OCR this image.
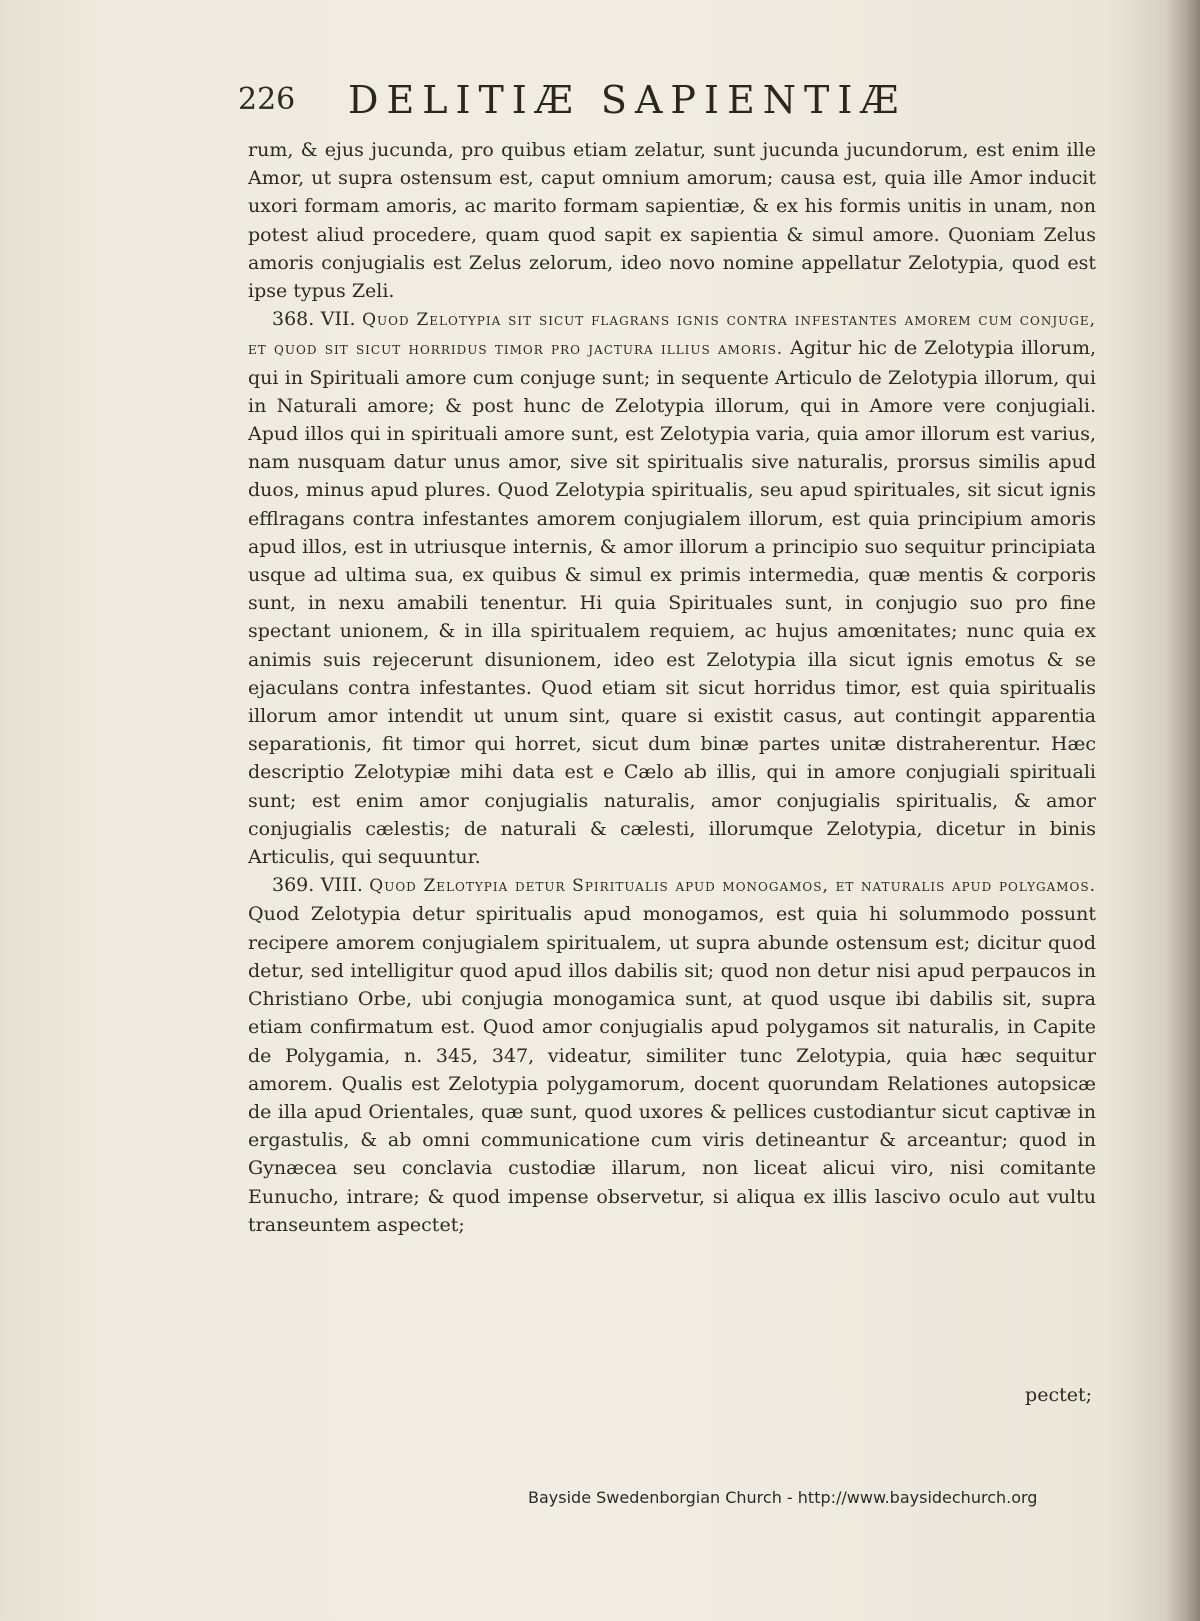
226 DELITIÆ SAPIENTIÆ

rum, & ejus jucunda, pro quibus etiam zelatur, sunt jucunda jucundorum, est enim ille Amor, ut supra ostensum est, caput omnium amorum; causa est, quia ille Amor inducit uxori formam amoris, ac marito formam sapientiæ, & ex his formis unitis in unam, non potest aliud procedere, quam quod sapit ex sapientia & simul amore. Quoniam Zelus amoris conjugialis est Zelus zelorum, ideo novo nomine appellatur Zelotypia, quod est ipse typus Zeli.

368. VII. Quod Zelotypia sit sicut flagrans ignis contra infestantes amorem cum conjuge, et quod sit sicut horridus timor pro jactura illius amoris. Agitur hic de Zelotypia illorum, qui in Spirituali amore cum conjuge sunt; in sequente Articulo de Zelotypia illorum, qui in Naturali amore; & post hunc de Zelotypia illorum, qui in Amore vere conjugiali. Apud illos qui in spirituali amore sunt, est Zelotypia varia, quia amor illorum est varius, nam nusquam datur unus amor, sive sit spiritualis sive naturalis, prorsus similis apud duos, minus apud plures. Quod Zelotypia spiritualis, seu apud spirituales, sit sicut ignis efflragans contra infestantes amorem conjugialem illorum, est quia principium amoris apud illos, est in utriusque internis, & amor illorum a principio suo sequitur principiata usque ad ultima sua, ex quibus & simul ex primis intermedia, quæ mentis & corporis sunt, in nexu amabili tenentur. Hi quia Spirituales sunt, in conjugio suo pro fine spectant unionem, & in illa spiritualem requiem, ac hujus amœnitates; nunc quia ex animis suis rejecerunt disunionem, ideo est Zelotypia illa sicut ignis emotus & se ejaculans contra infestantes. Quod etiam sit sicut horridus timor, est quia spiritualis illorum amor intendit ut unum sint, quare si existit casus, aut contingit apparentia separationis, fit timor qui horret, sicut dum binæ partes unitæ distraherentur. Hæc descriptio Zelotypiæ mihi data est e Cælo ab illis, qui in amore conjugiali spirituali sunt; est enim amor conjugialis naturalis, amor conjugialis spiritualis, & amor conjugialis cælestis; de naturali & cælesti, illorumque Zelotypia, dicetur in binis Articulis, qui sequuntur.

369. VIII. Quod Zelotypia detur Spiritualis apud monogamos, et naturalis apud polygamos. Quod Zelotypia detur spiritualis apud monogamos, est quia hi solummodo possunt recipere amorem conjugialem spiritualem, ut supra abunde ostensum est; dicitur quod detur, sed intelligitur quod apud illos dabilis sit; quod non detur nisi apud perpaucos in Christiano Orbe, ubi conjugia monogamica sunt, at quod usque ibi dabilis sit, supra etiam confirmatum est. Quod amor conjugialis apud polygamos sit naturalis, in Capite de Polygamia, n. 345, 347, videatur, similiter tunc Zelotypia, quia hæc sequitur amorem. Qualis est Zelotypia polygamorum, docent quorundam Relationes autopsicæ de illa apud Orientales, quæ sunt, quod uxores & pellices custodiantur sicut captivæ in ergastulis, & ab omni communicatione cum viris detineantur & arceantur; quod in Gynæcea seu conclavia custodiæ illarum, non liceat alicui viro, nisi comitante Eunucho, intrare; & quod impense observetur, si aliqua ex illis lascivo oculo aut vultu transeuntem aspectet;

pectet;
Bayside Swedenborgian Church - http://www.baysidechurch.org
